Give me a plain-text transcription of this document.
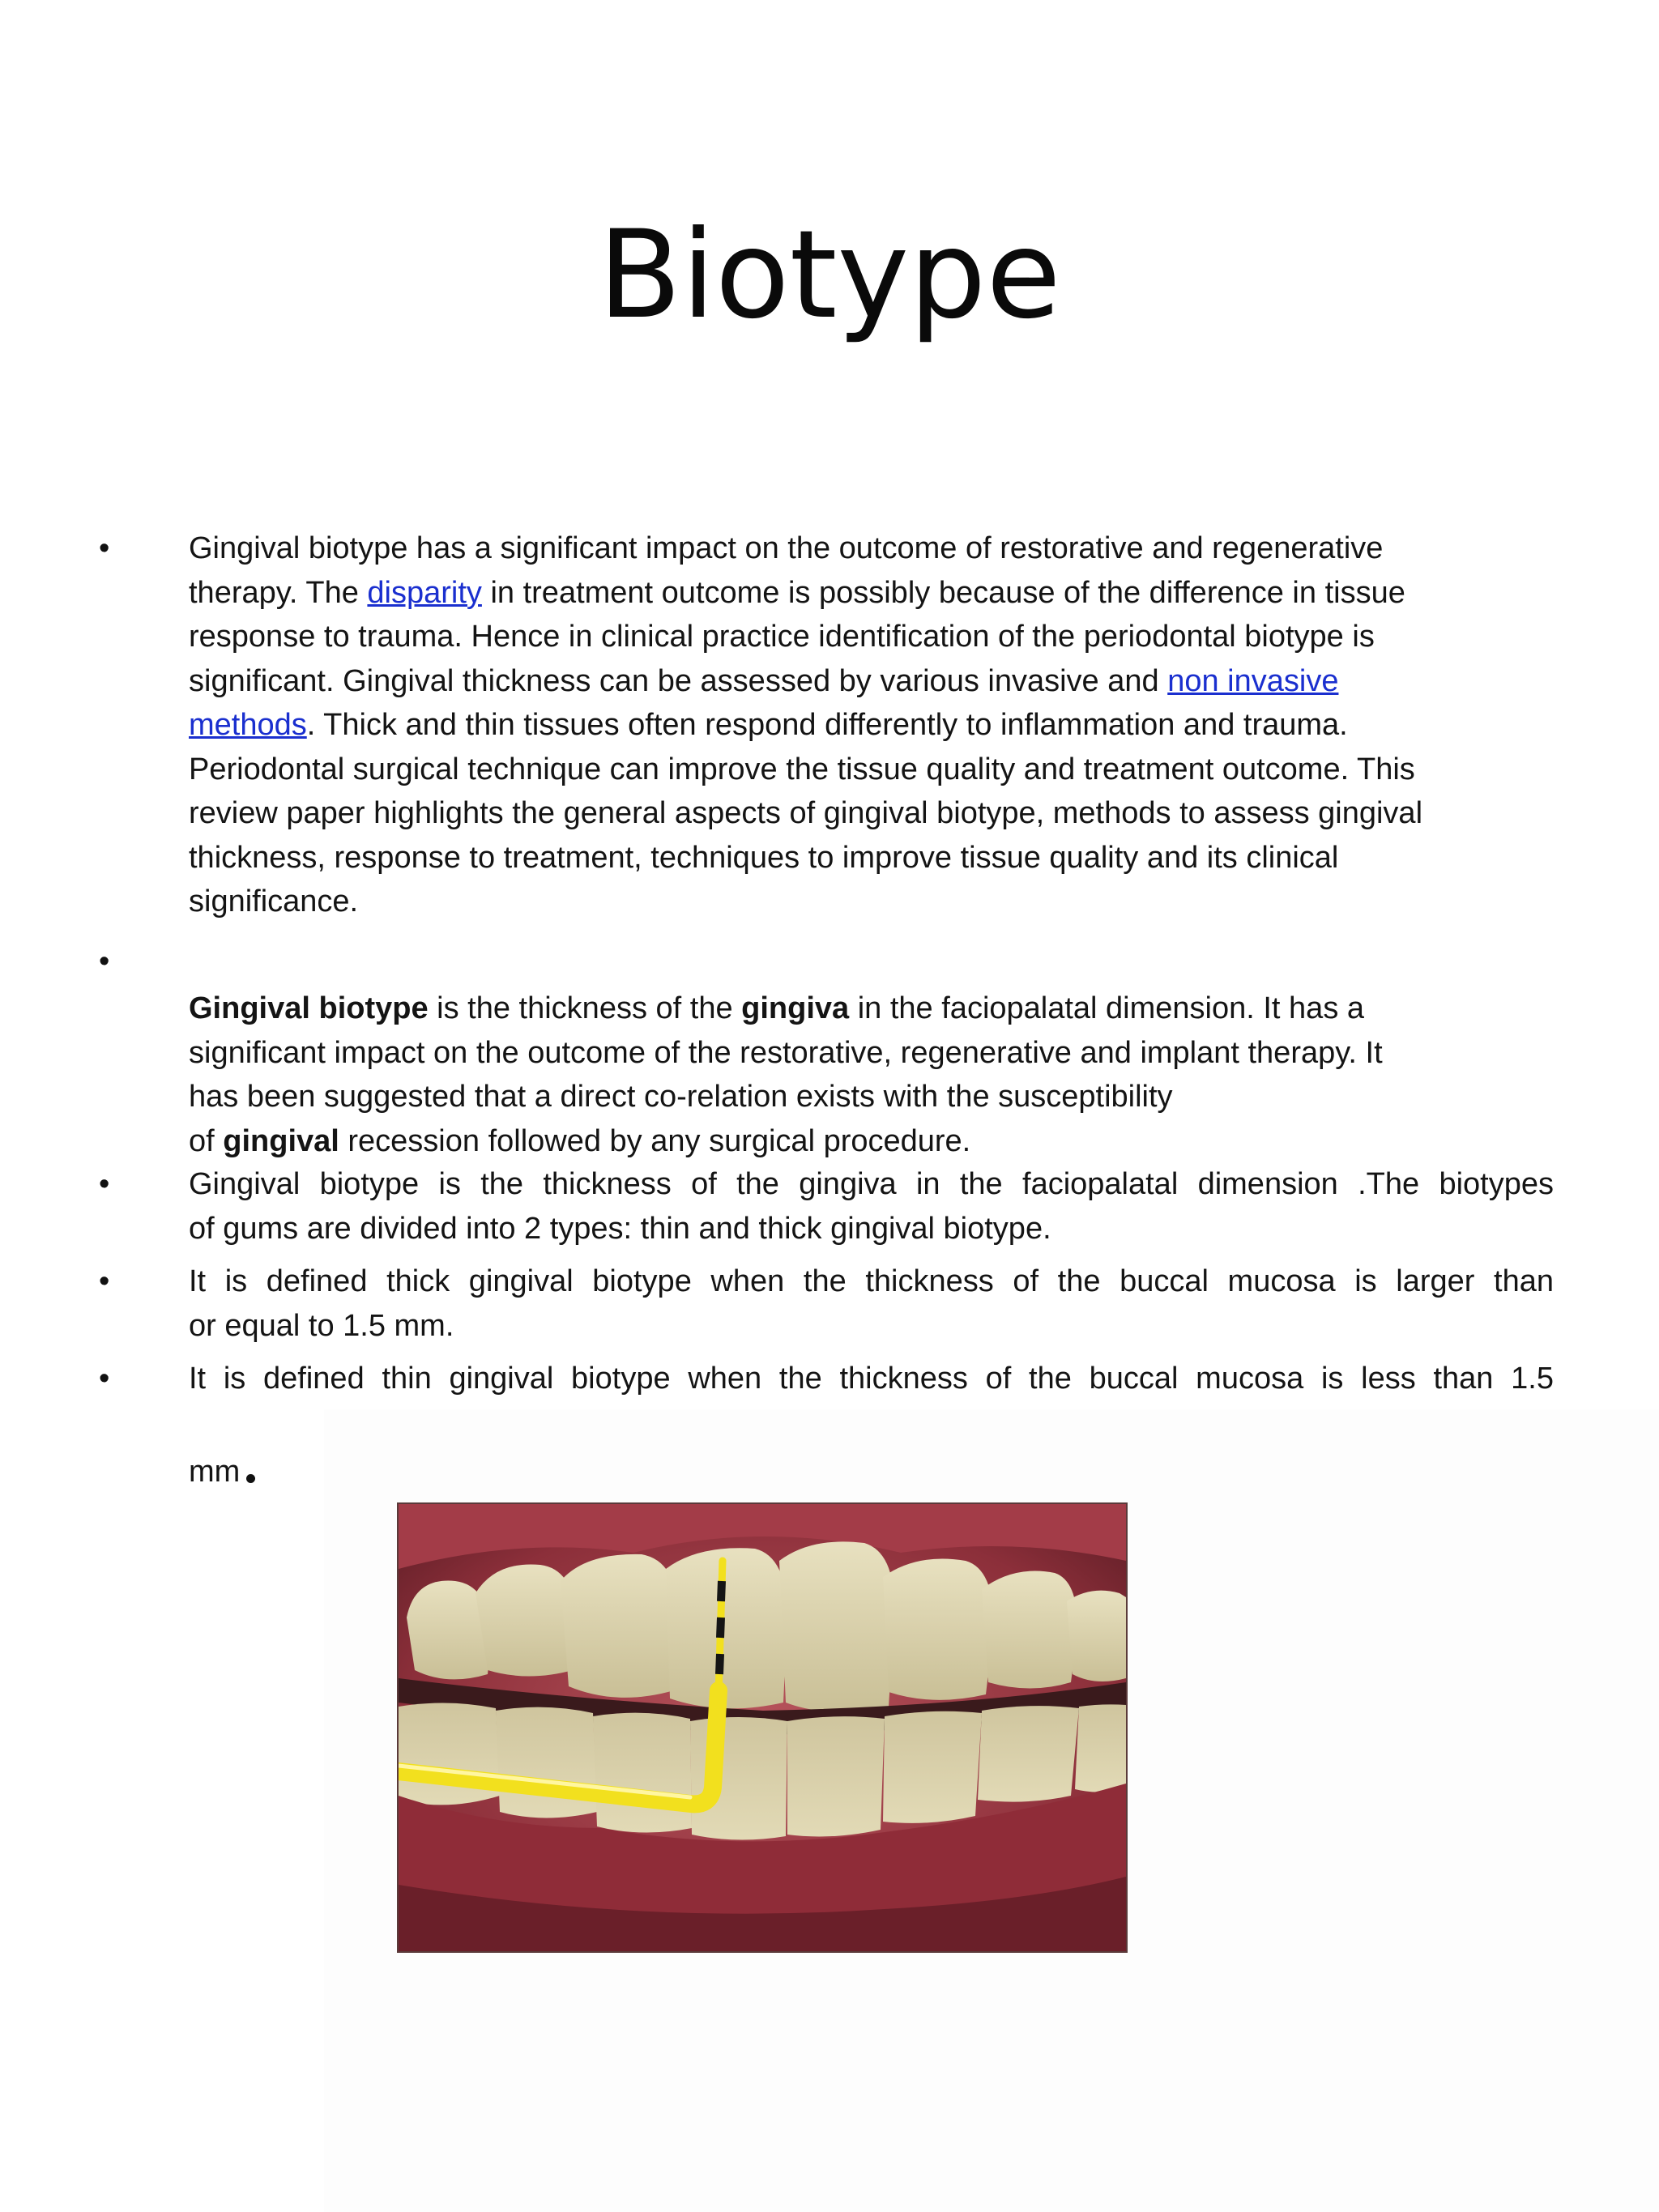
Biotype
•	Gingival biotype has a significant impact on the outcome of restorative and regenerative
therapy. The disparity in treatment outcome is possibly because of the difference in tissue
response to trauma. Hence in clinical practice identification of the periodontal biotype is
significant. Gingival thickness can be assessed by various invasive and non invasive
methods. Thick and thin tissues often respond differently to inflammation and trauma.
Periodontal surgical technique can improve the tissue quality and treatment outcome. This
review paper highlights the general aspects of gingival biotype, methods to assess gingival
thickness, response to treatment, techniques to improve tissue quality and its clinical
significance.
•
Gingival biotype is the thickness of the gingiva in the faciopalatal dimension. It has a
significant impact on the outcome of the restorative, regenerative and implant therapy. It
has been suggested that a direct co-relation exists with the susceptibility
of gingival recession followed by any surgical procedure.
•	Gingival biotype is the thickness of the gingiva in the faciopalatal dimension .The biotypes
of gums are divided into 2 types: thin and thick gingival biotype.
•	It is defined thick gingival biotype when the thickness of the buccal mucosa is larger than
or equal to 1.5 mm.
•	It is defined thin gingival biotype when the thickness of the buccal mucosa is less than 1.5
mm
